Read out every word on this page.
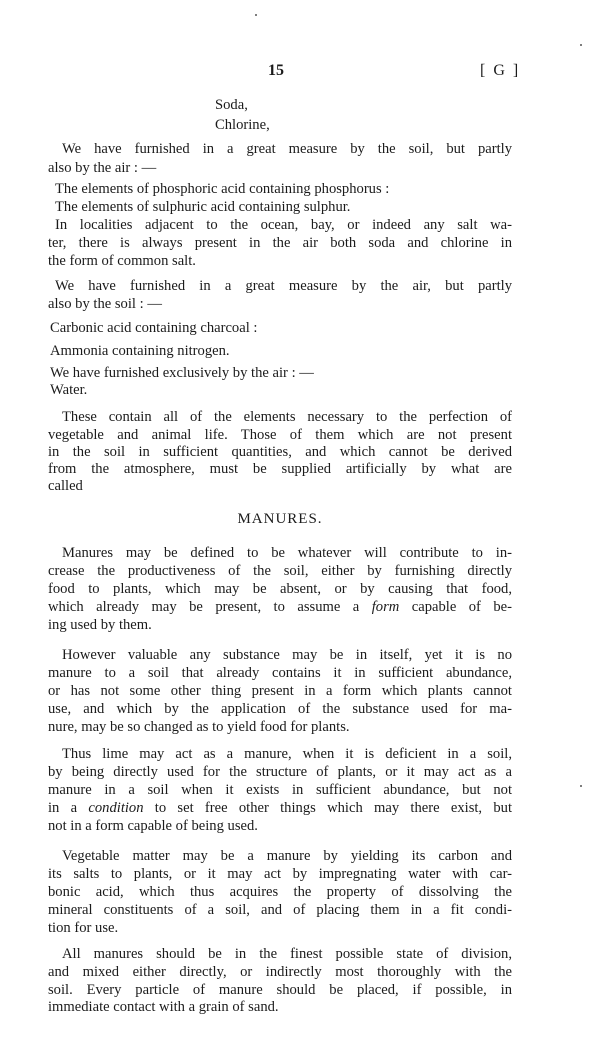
15	[ G ]
MANURES.
Soda,
Chlorine,
We have furnished in a great measure by the soil, but partly
also by the air : —
The elements of phosphoric acid containing phosphorus :
The elements of sulphuric acid containing sulphur.
In localities adjacent to the ocean, bay, or indeed any salt wa-
ter, there is always present in the air both soda and chlorine in
the form of common salt.
We have furnished in a great measure by the air, but partly
also by the soil : —
Carbonic acid containing charcoal :
Ammonia containing nitrogen.
We have furnished exclusively by the air : —
Water.
These contain all of the elements necessary to the perfection of
vegetable and animal life. Those of them which are not present
in the soil in sufficient quantities, and which cannot be derived
from the atmosphere, must be supplied artificially by what are
called
Manures may be defined to be whatever will contribute to in-
crease the productiveness of the soil, either by furnishing directly
food to plants, which may be absent, or by causing that food,
which already may be present, to assume a form capable of be-
ing used by them.
However valuable any substance may be in itself, yet it is no
manure to a soil that already contains it in sufficient abundance,
or has not some other thing present in a form which plants cannot
use, and which by the application of the substance used for ma-
nure, may be so changed as to yield food for plants.
Thus lime may act as a manure, when it is deficient in a soil,
by being directly used for the structure of plants, or it may act as a
manure in a soil when it exists in sufficient abundance, but not
in a condition to set free other things which may there exist, but
not in a form capable of being used.
Vegetable matter may be a manure by yielding its carbon and
its salts to plants, or it may act by impregnating water with car-
bonic acid, which thus acquires the property of dissolving the
mineral constituents of a soil, and of placing them in a fit condi-
tion for use.
All manures should be in the finest possible state of division,
and mixed either directly, or indirectly most thoroughly with the
soil. Every particle of manure should be placed, if possible, in
immediate contact with a grain of sand.
